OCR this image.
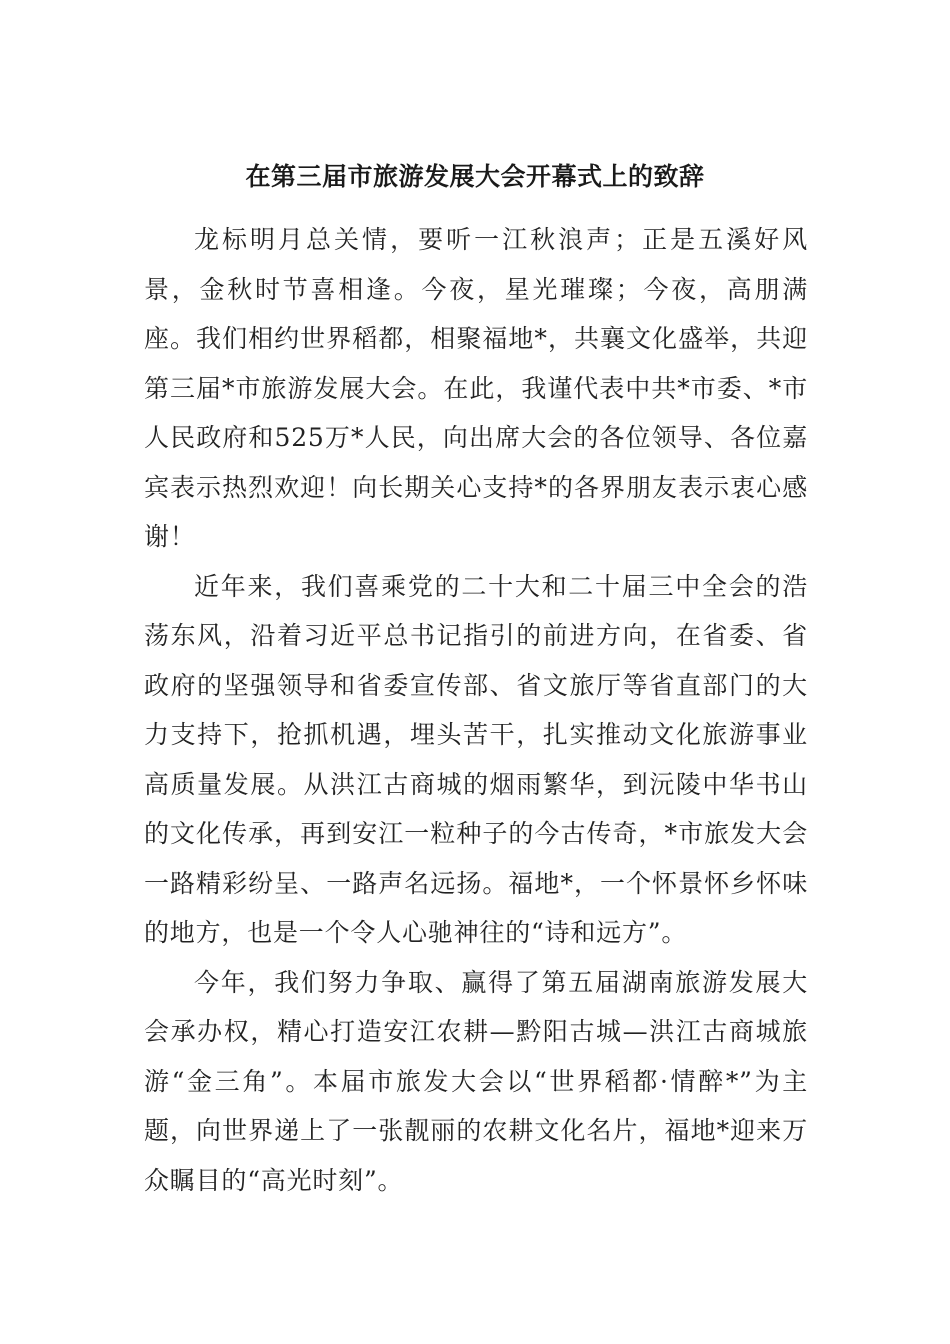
在第三届市旅游发展大会开幕式上的致辞

龙标明月总关情，要听一江秋浪声；正是五溪好风景，金秋时节喜相逢。今夜，星光璀璨；今夜，高朋满座。我们相约世界稻都，相聚福地*，共襄文化盛举，共迎第三届*市旅游发展大会。在此，我谨代表中共*市委、*市人民政府和525万*人民，向出席大会的各位领导、各位嘉宾表示热烈欢迎！向长期关心支持*的各界朋友表示衷心感谢！

近年来，我们喜乘党的二十大和二十届三中全会的浩荡东风，沿着习近平总书记指引的前进方向，在省委、省政府的坚强领导和省委宣传部、省文旅厅等省直部门的大力支持下，抢抓机遇，埋头苦干，扎实推动文化旅游事业高质量发展。从洪江古商城的烟雨繁华，到沅陵中华书山的文化传承，再到安江一粒种子的今古传奇，*市旅发大会一路精彩纷呈、一路声名远扬。福地*，一个怀景怀乡怀味的地方，也是一个令人心驰神往的“诗和远方”。

今年，我们努力争取、赢得了第五届湖南旅游发展大会承办权，精心打造安江农耕—黔阳古城—洪江古商城旅游“金三角”。本届市旅发大会以“世界稻都·情醉*”为主题，向世界递上了一张靓丽的农耕文化名片，福地*迎来万众瞩目的“高光时刻”。
